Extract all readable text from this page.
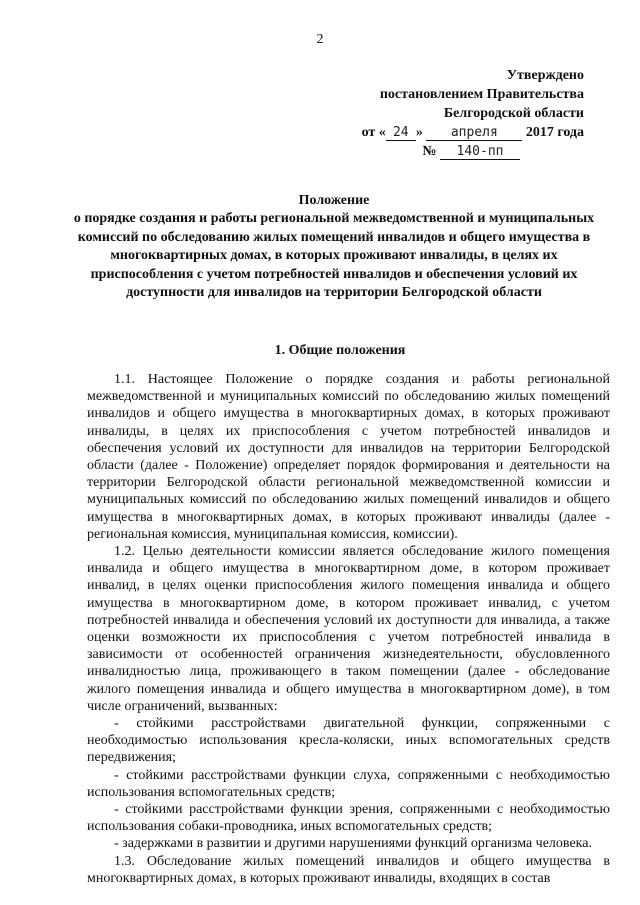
2
Утверждено
постановлением Правительства
Белгородской области
от « 24 » апреля 2017 года
№ 140-пп
Положение
о порядке создания и работы региональной межведомственной и муниципальных комиссий по обследованию жилых помещений инвалидов и общего имущества в многоквартирных домах, в которых проживают инвалиды, в целях их приспособления с учетом потребностей инвалидов и обеспечения условий их доступности для инвалидов на территории Белгородской области
1. Общие положения

1.1. Настоящее Положение о порядке создания и работы региональной межведомственной и муниципальных комиссий по обследованию жилых помещений инвалидов и общего имущества в многоквартирных домах, в которых проживают инвалиды, в целях их приспособления с учетом потребностей инвалидов и обеспечения условий их доступности для инвалидов на территории Белгородской области (далее - Положение) определяет порядок формирования и деятельности на территории Белгородской области региональной межведомственной комиссии и муниципальных комиссий по обследованию жилых помещений инвалидов и общего имущества в многоквартирных домах, в которых проживают инвалиды (далее - региональная комиссия, муниципальная комиссия, комиссии).

1.2. Целью деятельности комиссии является обследование жилого помещения инвалида и общего имущества в многоквартирном доме, в котором проживает инвалид, в целях оценки приспособления жилого помещения инвалида и общего имущества в многоквартирном доме, в котором проживает инвалид, с учетом потребностей инвалида и обеспечения условий их доступности для инвалида, а также оценки возможности их приспособления с учетом потребностей инвалида в зависимости от особенностей ограничения жизнедеятельности, обусловленного инвалидностью лица, проживающего в таком помещении (далее - обследование жилого помещения инвалида и общего имущества в многоквартирном доме), в том числе ограничений, вызванных:

- стойкими расстройствами двигательной функции, сопряженными с необходимостью использования кресла-коляски, иных вспомогательных средств передвижения;

- стойкими расстройствами функции слуха, сопряженными с необходимостью использования вспомогательных средств;

- стойкими расстройствами функции зрения, сопряженными с необходимостью использования собаки-проводника, иных вспомогательных средств;

- задержками в развитии и другими нарушениями функций организма человека.

1.3. Обследование жилых помещений инвалидов и общего имущества в многоквартирных домах, в которых проживают инвалиды, входящих в состав
